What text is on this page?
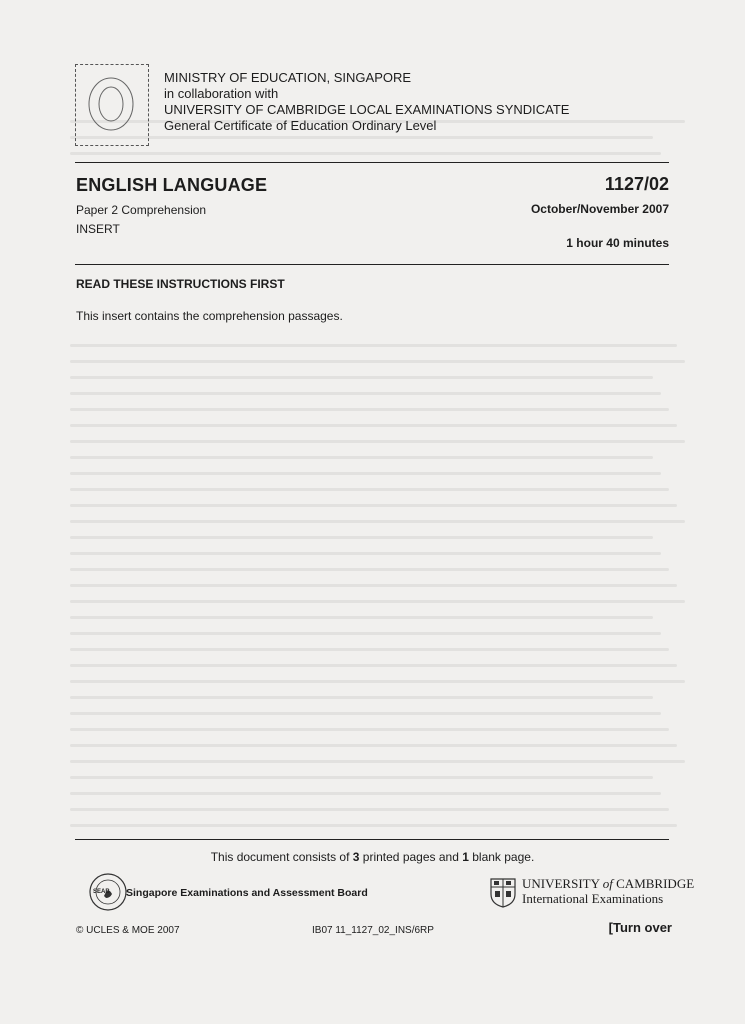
MINISTRY OF EDUCATION, SINGAPORE
in collaboration with
UNIVERSITY OF CAMBRIDGE LOCAL EXAMINATIONS SYNDICATE
General Certificate of Education Ordinary Level
ENGLISH LANGUAGE	1127/02
Paper 2 Comprehension	October/November 2007
INSERT
1 hour 40 minutes
READ THESE INSTRUCTIONS FIRST
This insert contains the comprehension passages.
This document consists of 3 printed pages and 1 blank page.
SEAB Singapore Examinations and Assessment Board
UNIVERSITY of CAMBRIDGE
International Examinations
© UCLES & MOE 2007	IB07 11_1127_02_INS/6RP	[Turn over
